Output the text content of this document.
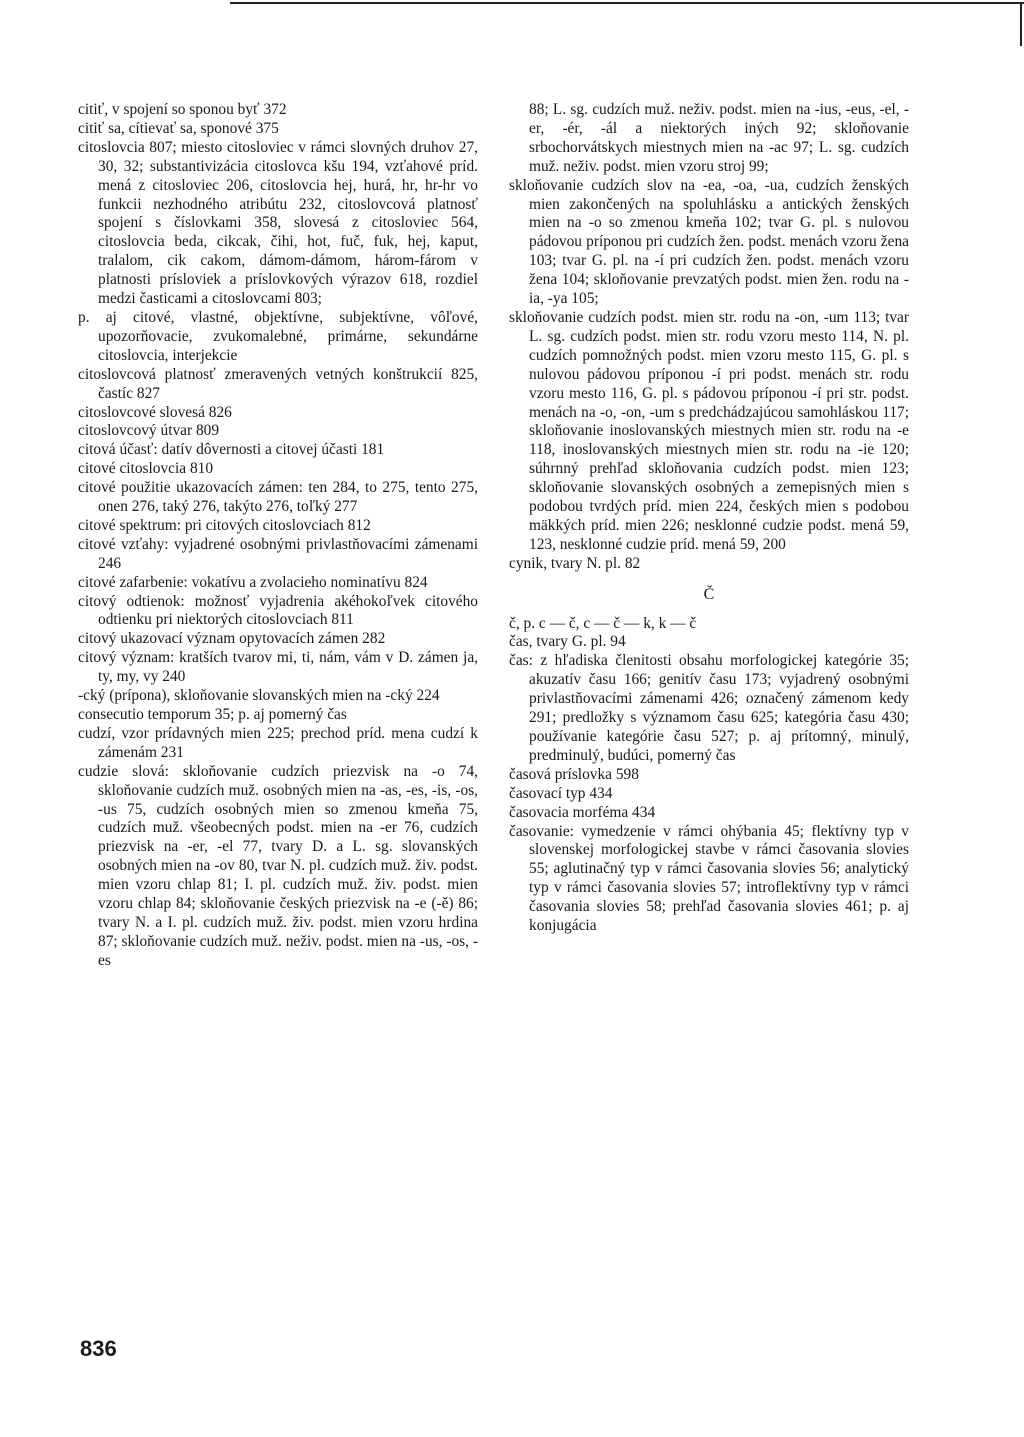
citiť, v spojení so sponou byť 372

citiť sa, cítievať sa, sponové 375

citoslovcia 807; miesto citosloviec v rámci slovných druhov 27, 30, 32; substantivizácia citoslovca kšu 194, vzťahové príd. mená z citosloviec 206, citoslovcia hej, hurá, hr, hr-hr vo funkcii nezhodného atribútu 232, citoslovcová platnosť spojení s číslovkami 358, slovesá z citosloviec 564, citoslovcia beda, cikcak, čihi, hot, fuč, fuk, hej, kaput, tralalom, cik cakom, dámom-dámom, három-fárom v platnosti prísloviek a príslovkových výrazov 618, rozdiel medzi časticami a citoslovcami 803;

p. aj citové, vlastné, objektívne, subjektívne, vôľové, upozorňovacie, zvukomalebné, primárne, sekundárne citoslovcia, interjekcie

citoslovcová platnosť zmeravených vetných konštrukcií 825, častíc 827

citoslovcové slovesá 826

citoslovcový útvar 809

citová účasť: datív dôvernosti a citovej účasti 181

citové citoslovcia 810

citové použitie ukazovacích zámen: ten 284, to 275, tento 275, onen 276, taký 276, takýto 276, toľký 277

citové spektrum: pri citových citoslovciach 812

citové vzťahy: vyjadrené osobnými privlastňovacími zámenami 246

citové zafarbenie: vokatívu a zvolacieho nominatívu 824

citový odtienok: možnosť vyjadrenia akéhokoľvek citového odtienku pri niektorých citoslovciach 811

citový ukazovací význam opytovacích zámen 282

citový význam: kratších tvarov mi, ti, nám, vám v D. zámen ja, ty, my, vy 240

-cký (prípona), skloňovanie slovanských mien na -cký 224

consecutio temporum 35; p. aj pomerný čas

cudzí, vzor prídavných mien 225; prechod príd. mena cudzí k zámenám 231

cudzie slová: skloňovanie cudzích priezvisk na -o 74, skloňovanie cudzích muž. osobných mien na -as, -es, -is, -os, -us 75, cudzích osobných mien so zmenou kmeňa 75, cudzích muž. všeobecných podst. mien na -er 76, cudzích priezvisk na -er, -el 77, tvary D. a L. sg. slovanských osobných mien na -ov 80, tvar N. pl. cudzích muž. živ. podst. mien vzoru chlap 81; I. pl. cudzích muž. živ. podst. mien vzoru chlap 84; skloňovanie českých priezvisk na -e (-ě) 86; tvary N. a I. pl. cudzích muž. živ. podst. mien vzoru hrdina 87; skloňovanie cudzích muž. neživ. podst. mien na -us, -os, -es

88; L. sg. cudzích muž. neživ. podst. mien na -ius, -eus, -el, -er, -ér, -ál a niektorých iných 92; skloňovanie srbochorvátskych miestnych mien na -ac 97; L. sg. cudzích muž. neživ. podst. mien vzoru stroj 99;

skloňovanie cudzích slov na -ea, -oa, -ua, cudzích ženských mien zakončených na spoluhlásku a antických ženských mien na -o so zmenou kmeňa 102; tvar G. pl. s nulovou pádovou príponou pri cudzích žen. podst. menách vzoru žena 103; tvar G. pl. na -í pri cudzích žen. podst. menách vzoru žena 104; skloňovanie prevzatých podst. mien žen. rodu na -ia, -ya 105;

skloňovanie cudzích podst. mien str. rodu na -on, -um 113; tvar L. sg. cudzích podst. mien str. rodu vzoru mesto 114, N. pl. cudzích pomnožných podst. mien vzoru mesto 115, G. pl. s nulovou pádovou príponou -í pri podst. menách str. rodu vzoru mesto 116, G. pl. s pádovou príponou -í pri str. podst. menách na -o, -on, -um s predchádzajúcou samohláskou 117; skloňovanie inoslovanských miestnych mien str. rodu na -e 118, inoslovanských miestnych mien str. rodu na -ie 120; súhrnný prehľad skloňovania cudzích podst. mien 123; skloňovanie slovanských osobných a zemepisných mien s podobou tvrdých príd. mien 224, českých mien s podobou mäkkých príd. mien 226; nesklonné cudzie podst. mená 59, 123, nesklonné cudzie príd. mená 59, 200

cynik, tvary N. pl. 82

Č

č, p. c — č, c — č — k, k — č

čas, tvary G. pl. 94

čas: z hľadiska členitosti obsahu morfologickej kategórie 35; akuzatív času 166; genitív času 173; vyjadrený osobnými privlastňovacími zámenami 426; označený zámenom kedy 291; predložky s významom času 625; kategória času 430; používanie kategórie času 527; p. aj prítomný, minulý, predminulý, budúci, pomerný čas

časová príslovka 598

časovací typ 434

časovacia morféma 434

časovanie: vymedzenie v rámci ohýbania 45; flektívny typ v slovenskej morfologickej stavbe v rámci časovania slovies 55; aglutinačný typ v rámci časovania slovies 56; analytický typ v rámci časovania slovies 57; introflektívny typ v rámci časovania slovies 58; prehľad časovania slovies 461; p. aj konjugácia

836
